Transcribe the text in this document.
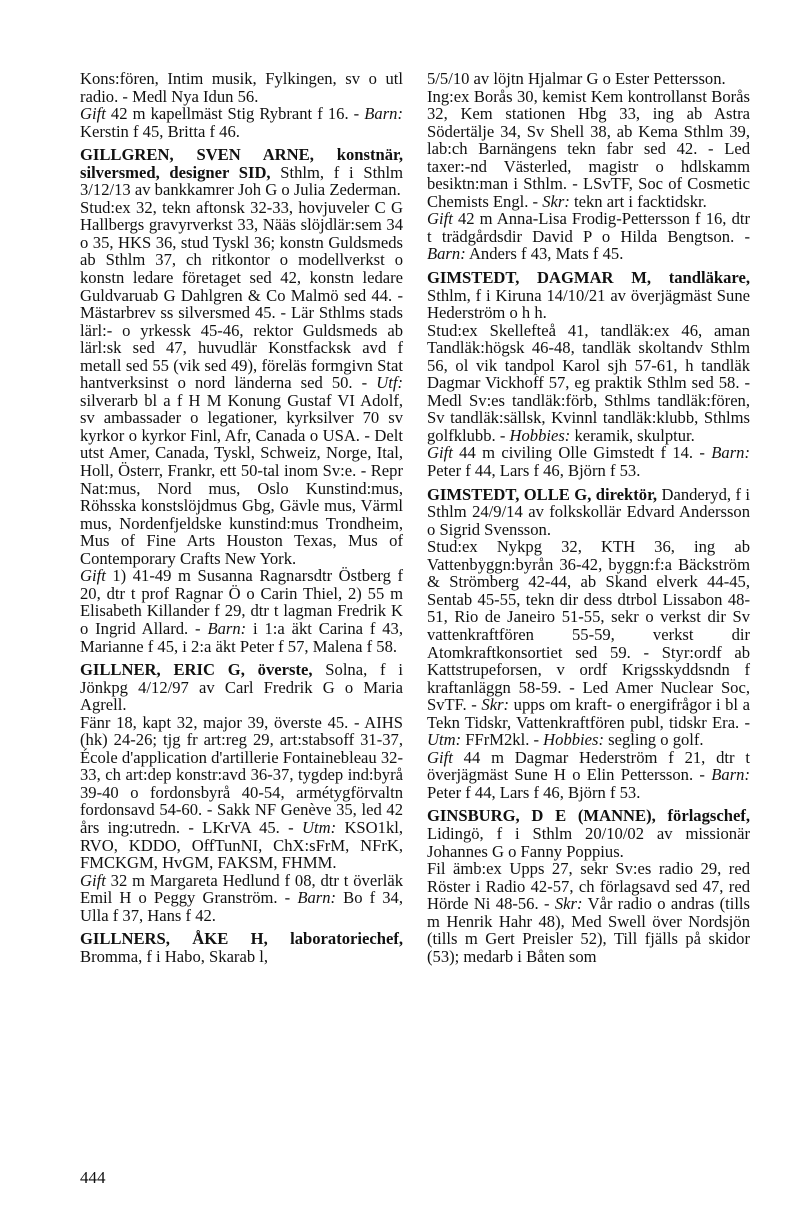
Kons:fören, Intim musik, Fylkingen, sv o utl radio. - Medl Nya Idun 56.

Gift 42 m kapellmäst Stig Rybrant f 16. - Barn: Kerstin f 45, Britta f 46.

GILLGREN, SVEN ARNE, konstnär, silversmed, designer SID, Sthlm, f i Sthlm 3/12/13 av bankkamrer Joh G o Julia Zederman.

Stud:ex 32, tekn aftonsk 32-33, hovjuveler C G Hallbergs gravyrverkst 33, Nääs slöjdlär:sem 34 o 35, HKS 36, stud Tyskl 36; konstn Guldsmeds ab Sthlm 37, ch ritkontor o modellverkst o konstn ledare företaget sed 42, konstn ledare Guldvaruab G Dahlgren & Co Malmö sed 44. - Mästarbrev ss silversmed 45. - Lär Sthlms stads lärl:- o yrkessk 45-46, rektor Guldsmeds ab lärl:sk sed 47, huvudlär Konstfacksk avd f metall sed 55 (vik sed 49), föreläs formgivn Stat hantverksinst o nord länderna sed 50. - Utf: silverarb bl a f H M Konung Gustaf VI Adolf, sv ambassader o legationer, kyrksilver 70 sv kyrkor o kyrkor Finl, Afr, Canada o USA. - Delt utst Amer, Canada, Tyskl, Schweiz, Norge, Ital, Holl, Österr, Frankr, ett 50-tal inom Sv:e. - Repr Nat:mus, Nord mus, Oslo Kunstind:mus, Röhsska konstslöjdmus Gbg, Gävle mus, Värml mus, Nordenfjeldske kunstind:mus Trondheim, Mus of Fine Arts Houston Texas, Mus of Contemporary Crafts New York.

Gift 1) 41-49 m Susanna Ragnarsdtr Östberg f 20, dtr t prof Ragnar Ö o Carin Thiel, 2) 55 m Elisabeth Killander f 29, dtr t lagman Fredrik K o Ingrid Allard. - Barn: i 1:a äkt Carina f 43, Marianne f 45, i 2:a äkt Peter f 57, Malena f 58.

GILLNER, ERIC G, överste, Solna, f i Jönkpg 4/12/97 av Carl Fredrik G o Maria Agrell.

Fänr 18, kapt 32, major 39, överste 45. - AIHS (hk) 24-26; tjg fr art:reg 29, art:stabsoff 31-37, École d'application d'artillerie Fontainebleau 32-33, ch art:dep konstr:avd 36-37, tygdep ind:byrå 39-40 o fordonsbyrå 40-54, armétygförvaltn fordonsavd 54-60. - Sakk NF Genève 35, led 42 års ing:utredn. - LKrVA 45. - Utm: KSO1kl, RVO, KDDO, OffTunNI, ChX:sFrM, NFrK, FMCKGM, HvGM, FAKSM, FHMM.

Gift 32 m Margareta Hedlund f 08, dtr t överläk Emil H o Peggy Granström. - Barn: Bo f 34, Ulla f 37, Hans f 42.

GILLNERS, ÅKE H, laboratoriechef, Bromma, f i Habo, Skarab l,

5/5/10 av löjtn Hjalmar G o Ester Pettersson.

Ing:ex Borås 30, kemist Kem kontrollanst Borås 32, Kem stationen Hbg 33, ing ab Astra Södertälje 34, Sv Shell 38, ab Kema Sthlm 39, lab:ch Barnängens tekn fabr sed 42. - Led taxer:-nd Västerled, magistr o hdlskamm besiktn:man i Sthlm. - LSvTF, Soc of Cosmetic Chemists Engl. - Skr: tekn art i facktidskr.

Gift 42 m Anna-Lisa Frodig-Pettersson f 16, dtr t trädgårdsdir David P o Hilda Bengtson. - Barn: Anders f 43, Mats f 45.

GIMSTEDT, DAGMAR M, tandläkare, Sthlm, f i Kiruna 14/10/21 av överjägmäst Sune Hederström o h h.

Stud:ex Skellefteå 41, tandläk:ex 46, aman Tandläk:högsk 46-48, tandläk skoltandv Sthlm 56, ol vik tandpol Karol sjh 57-61, h tandläk Dagmar Vickhoff 57, eg praktik Sthlm sed 58. - Medl Sv:es tandläk:förb, Sthlms tandläk:fören, Sv tandläk:sällsk, Kvinnl tandläk:klubb, Sthlms golfklubb. - Hobbies: keramik, skulptur.

Gift 44 m civiling Olle Gimstedt f 14. - Barn: Peter f 44, Lars f 46, Björn f 53.

GIMSTEDT, OLLE G, direktör, Danderyd, f i Sthlm 24/9/14 av folkskollär Edvard Andersson o Sigrid Svensson.

Stud:ex Nykpg 32, KTH 36, ing ab Vattenbyggn:byrån 36-42, byggn:f:a Bäckström & Strömberg 42-44, ab Skand elverk 44-45, Sentab 45-55, tekn dir dess dtrbol Lissabon 48-51, Rio de Janeiro 51-55, sekr o verkst dir Sv vattenkraftfören 55-59, verkst dir Atomkraftkonsortiet sed 59. - Styr:ordf ab Kattstrupeforsen, v ordf Krigsskyddsndn f kraftanläggn 58-59. - Led Amer Nuclear Soc, SvTF. - Skr: upps om kraft- o energifrågor i bl a Tekn Tidskr, Vattenkraftfören publ, tidskr Era. - Utm: FFrM2kl. - Hobbies: segling o golf.

Gift 44 m Dagmar Hederström f 21, dtr t överjägmäst Sune H o Elin Pettersson. - Barn: Peter f 44, Lars f 46, Björn f 53.

GINSBURG, D E (MANNE), förlagschef, Lidingö, f i Sthlm 20/10/02 av missionär Johannes G o Fanny Poppius.

Fil ämb:ex Upps 27, sekr Sv:es radio 29, red Röster i Radio 42-57, ch förlagsavd sed 47, red Hörde Ni 48-56. - Skr: Vår radio o andras (tills m Henrik Hahr 48), Med Swell över Nordsjön (tills m Gert Preisler 52), Till fjälls på skidor (53); medarb i Båten som

444
